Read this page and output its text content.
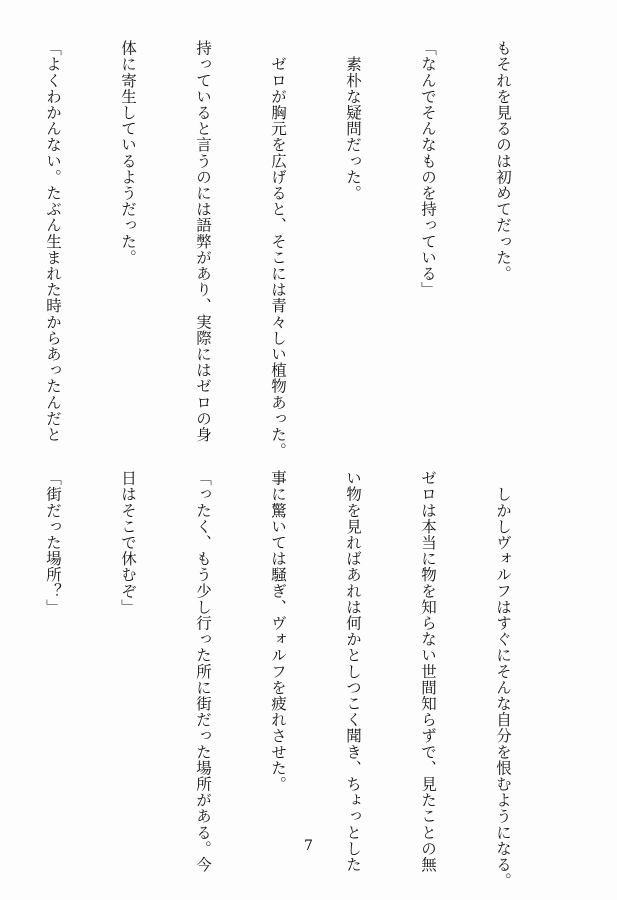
もそれを見るのは初めてだった。

「なんでそんなものを持っている」

　素朴な疑問だった。

　ゼロが胸元を広げると、そこには青々しい植物あった。

持っていると言うのには語弊があり、実際にはゼロの身

体に寄生しているようだった。

「よくわかんない。たぶん生まれた時からあったんだと

　しかしヴォルフはすぐにそんな自分を恨むようになる。

ゼロは本当に物を知らない世間知らずで、見たことの無

い物を見ればあれは何かとしつこく聞き、ちょっとした

事に驚いては騒ぎ、ヴォルフを疲れさせた。

「ったく、もう少し行った所に街だった場所がある。今

日はそこで休むぞ」

「街だった場所？」

7
